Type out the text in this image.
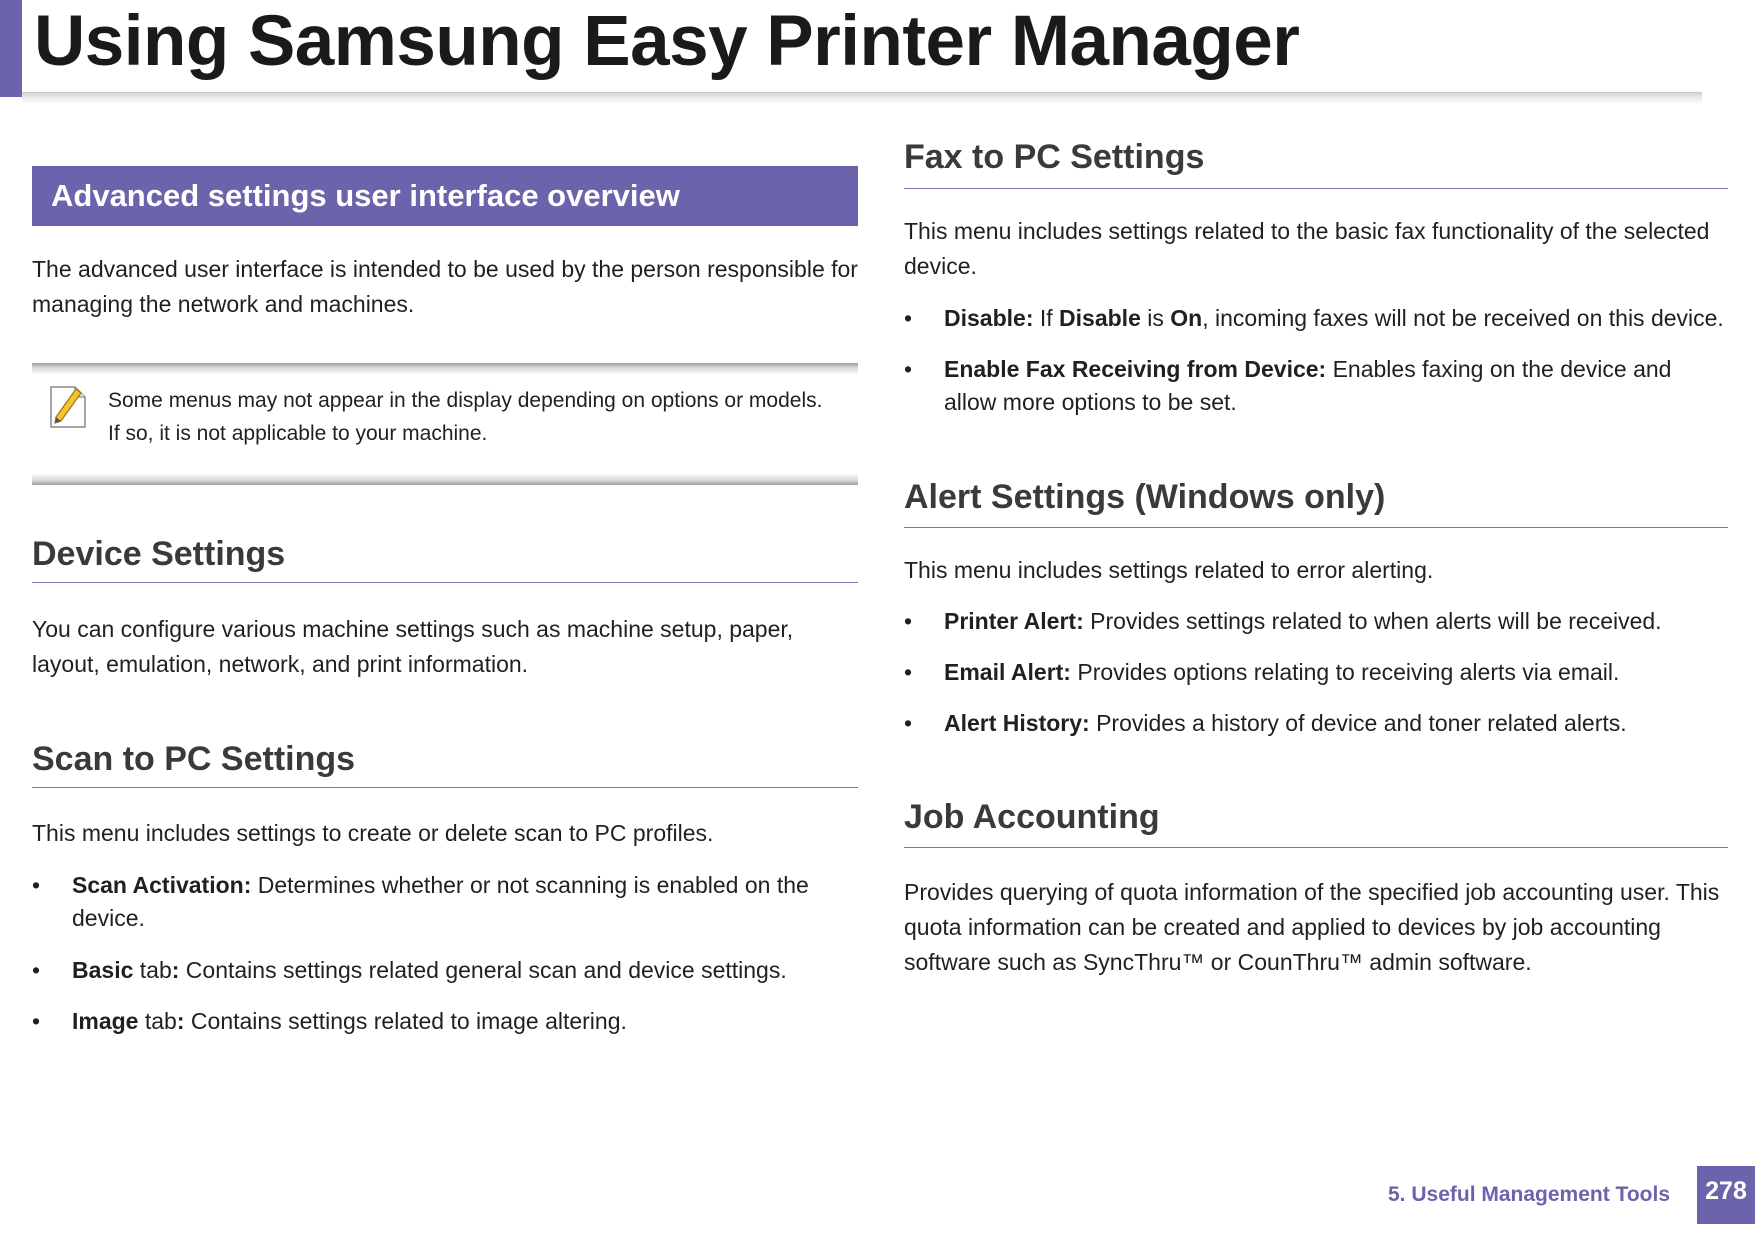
Using Samsung Easy Printer Manager
Advanced settings user interface overview

The advanced user interface is intended to be used by the person responsible for managing the network and machines.

Some menus may not appear in the display depending on options or models. If so, it is not applicable to your machine.

Device Settings

You can configure various machine settings such as machine setup, paper, layout, emulation, network, and print information.

Scan to PC Settings

This menu includes settings to create or delete scan to PC profiles.

• Scan Activation: Determines whether or not scanning is enabled on the device.
• Basic tab: Contains settings related general scan and device settings.
• Image tab: Contains settings related to image altering.
Fax to PC Settings

This menu includes settings related to the basic fax functionality of the selected device.

• Disable: If Disable is On, incoming faxes will not be received on this device.
• Enable Fax Receiving from Device: Enables faxing on the device and allow more options to be set.
Alert Settings (Windows only)

This menu includes settings related to error alerting.

• Printer Alert: Provides settings related to when alerts will be received.
• Email Alert: Provides options relating to receiving alerts via email.
• Alert History: Provides a history of device and toner related alerts.
Job Accounting

Provides querying of quota information of the specified job accounting user. This quota information can be created and applied to devices by job accounting software such as SyncThru™ or CounThru™ admin software.

5. Useful Management Tools	278
